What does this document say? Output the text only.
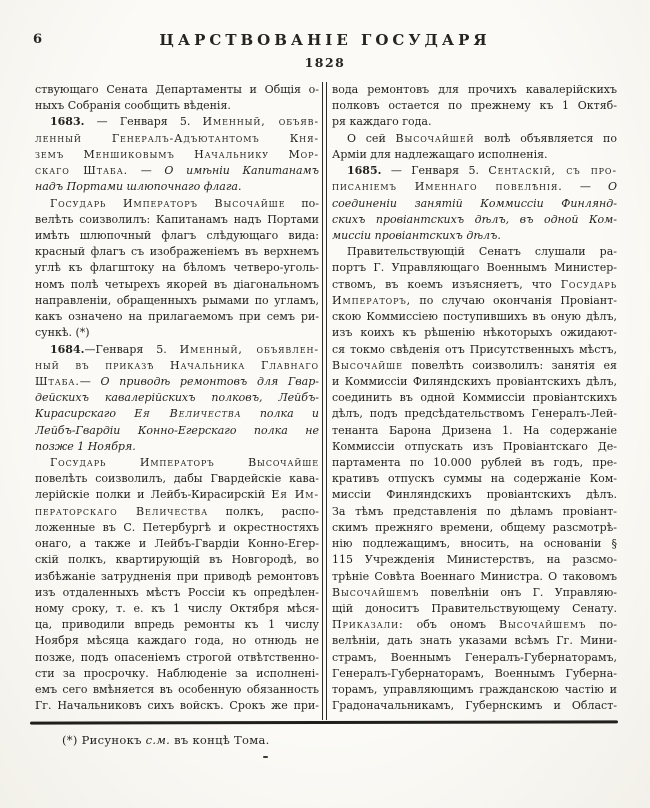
6	ЦАРСТВОВАНІЕ ГОСУДАРЯ
1828
ствующаго Сената Департаменты и Общія о-
ныхъ Собранія сообщить вѣденія.
1683. — Генваря 5. Именный, объяв-
ленный Генералъ-Адъютантомъ Кня-
земъ Меншиковымъ Начальнику Мор-
скаго Штаба. — О имѣніи Капитанамъ
надъ Портами шлюпочнаго флага.
Государь Императоръ Высочайше по-
велѣть соизволилъ: Капитанамъ надъ Портами
имѣть шлюпочный флагъ слѣдующаго вида:
красный флагъ съ изображеніемъ въ верхнемъ
углѣ къ флагштоку на бѣломъ четверо-уголь-
номъ полѣ четырехъ якорей въ діагональномъ
направленіи, обращенныхъ рымами по угламъ,
какъ означено на прилагаемомъ при семъ ри-
сункѣ. (*)
1684.—Генваря 5. Именный, объявлен-
ный въ приказѣ Начальника Главнаго
Штаба.— О приводѣ ремонтовъ для Гвар-
дейскихъ кавалерійскихъ полковъ, Лейбъ-
Кирасирскаго Ея Величества полка и
Лейбъ-Гвардіи Конно-Егерскаго полка не
позже 1 Ноября.
Государь Императоръ Высочайше
повелѣть соизволилъ, дабы Гвардейскіе кава-
лерійскіе полки и Лейбъ-Кирасирскій Ея Им-
ператорскаго Величества полкъ, распо-
ложенные въ С. Петербургѣ и окрестностяхъ
онаго, а также и Лейбъ-Гвардіи Конно-Егер-
скій полкъ, квартирующій въ Новгородѣ, во
избѣжаніе затрудненія при приводѣ ремонтовъ
изъ отдаленныхъ мѣстъ Россіи къ опредѣлен-
ному сроку, т. е. къ 1 числу Октября мѣся-
ца, приводили впредь ремонты къ 1 числу
Ноября мѣсяца каждаго года, но отнюдь не
позже, подъ опасеніемъ строгой отвѣтственно-
сти за просрочку. Наблюденіе за исполнені-
емъ сего вмѣняется въ особенную обязанность
Гг. Начальниковъ сихъ войскъ. Срокъ же при-
вода ремонтовъ для прочихъ кавалерійскихъ
полковъ остается по прежнему къ 1 Октяб-
ря каждаго года.
О сей Высочайшей волѣ объявляется по
Арміи для надлежащаго исполненія.
1685. — Генваря 5. Сентаскій, съ про-
писаніемъ Именнаго повелѣнія. — О
соединеніи занятій Коммиссіи Финлянд-
скихъ провіантскихъ дѣлъ, въ одной Ком-
миссіи провіантскихъ дѣлъ.
Правительствующій Сенатъ слушали ра-
портъ Г. Управляющаго Военнымъ Министер-
ствомъ, въ коемъ изъясняетъ, что Государь
Императоръ, по случаю окончанія Провіант-
скою Коммиссіею поступившихъ въ оную дѣлъ,
изъ коихъ къ рѣшенію нѣкоторыхъ ожидают-
ся токмо свѣденія отъ Присутственныхъ мѣстъ,
Высочайше повелѣть соизволилъ: занятія ея
и Коммиссіи Филяндскихъ провіантскихъ дѣлъ,
соединить въ одной Коммиссіи провіантскихъ
дѣлъ, подъ предсѣдательствомъ Генералъ-Лей-
тенанта Барона Дризена 1. На содержаніе
Коммиссіи отпускать изъ Провіантскаго Де-
партамента по 10.000 рублей въ годъ, пре-
кративъ отпускъ суммы на содержаніе Ком-
миссіи Финляндскихъ провіантскихъ дѣлъ.
За тѣмъ представленія по дѣламъ провіант-
скимъ прежняго времени, общему разсмотрѣ-
нію подлежащимъ, вносить, на основаніи §
115 Учрежденія Министерствъ, на разсмо-
трѣніе Совѣта Военнаго Министра. О таковомъ
Высочайшемъ повелѣніи онъ Г. Управляю-
щій доноситъ Правительствующему Сенату.
Приказали: объ ономъ Высочайшемъ по-
велѣніи, дать знать указами всѣмъ Гг. Мини-
страмъ, Военнымъ Генералъ-Губернаторамъ,
Генералъ-Губернаторамъ, Военнымъ Губерна-
торамъ, управляющимъ гражданскою частію и
Градоначальникамъ, Губернскимъ и Област-
(*) Рисунокъ с.м. въ концѣ Тома.
